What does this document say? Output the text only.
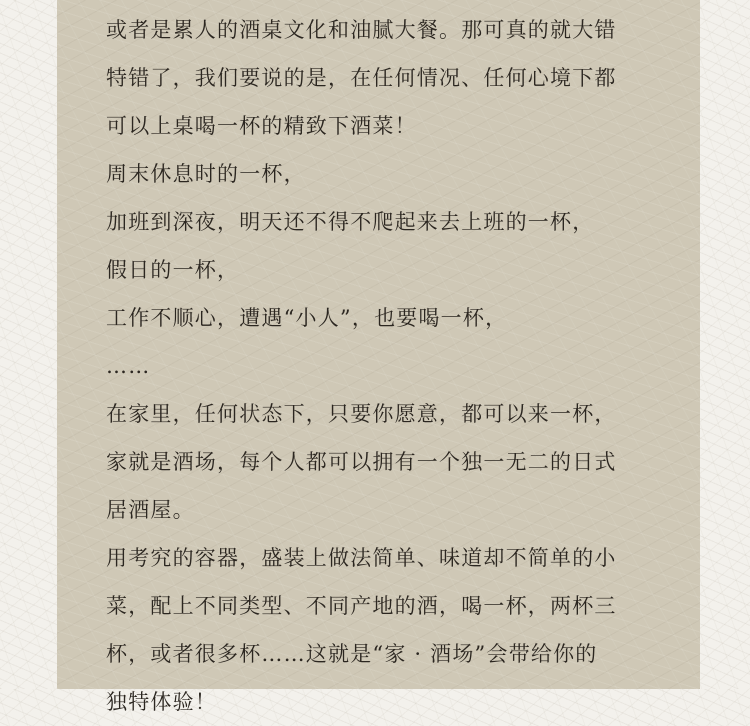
或者是累人的酒桌文化和油腻大餐。那可真的就大错
特错了，我们要说的是，在任何情况、任何心境下都
可以上桌喝一杯的精致下酒菜！
周末休息时的一杯，
加班到深夜，明天还不得不爬起来去上班的一杯，
假日的一杯，
工作不顺心，遭遇“小人”，也要喝一杯，
……
在家里，任何状态下，只要你愿意，都可以来一杯，
家就是酒场，每个人都可以拥有一个独一无二的日式
居酒屋。
用考究的容器，盛装上做法简单、味道却不简单的小
菜，配上不同类型、不同产地的酒，喝一杯，两杯三
杯，或者很多杯……这就是“家 · 酒场”会带给你的
独特体验！
